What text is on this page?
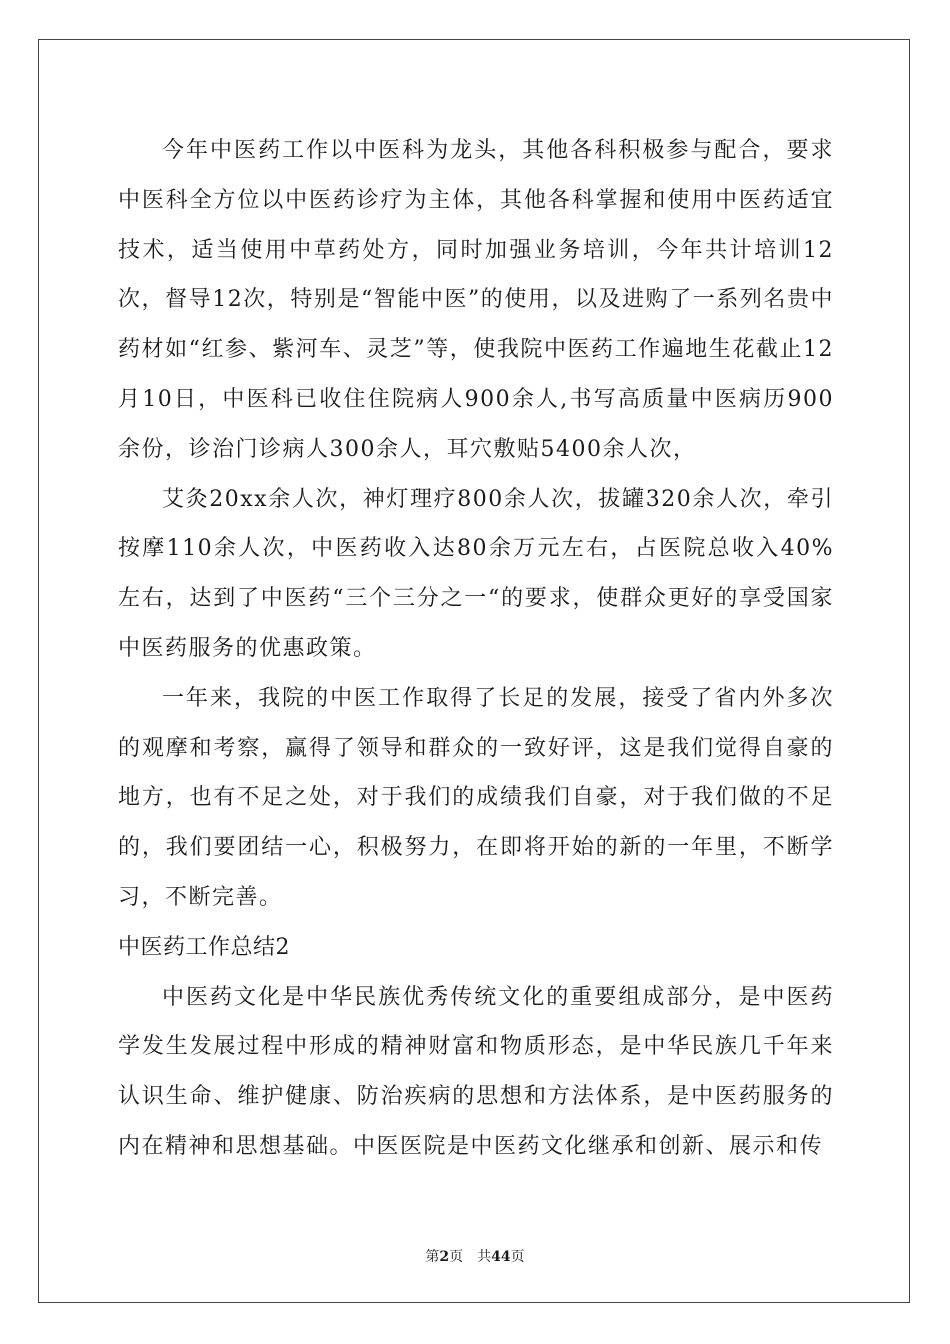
今年中医药工作以中医科为龙头，其他各科积极参与配合，要求中医科全方位以中医药诊疗为主体，其他各科掌握和使用中医药适宜技术，适当使用中草药处方，同时加强业务培训，今年共计培训12次，督导12次，特别是“智能中医”的使用，以及进购了一系列名贵中药材如“红参、紫河车、灵芝”等，使我院中医药工作遍地生花截止12月10日，中医科已收住住院病人900余人,书写高质量中医病历900余份，诊治门诊病人300余人，耳穴敷贴5400余人次，

艾灸20xx余人次，神灯理疗800余人次，拔罐320余人次，牵引按摩110余人次，中医药收入达80余万元左右，占医院总收入40%左右，达到了中医药“三个三分之一“的要求，使群众更好的享受国家中医药服务的优惠政策。

一年来，我院的中医工作取得了长足的发展，接受了省内外多次的观摩和考察，赢得了领导和群众的一致好评，这是我们觉得自豪的地方，也有不足之处，对于我们的成绩我们自豪，对于我们做的不足的，我们要团结一心，积极努力，在即将开始的新的一年里，不断学习，不断完善。

中医药工作总结2

中医药文化是中华民族优秀传统文化的重要组成部分，是中医药学发生发展过程中形成的精神财富和物质形态，是中华民族几千年来认识生命、维护健康、防治疾病的思想和方法体系，是中医药服务的内在精神和思想基础。中医医院是中医药文化继承和创新、展示和传

第2页 共44页
